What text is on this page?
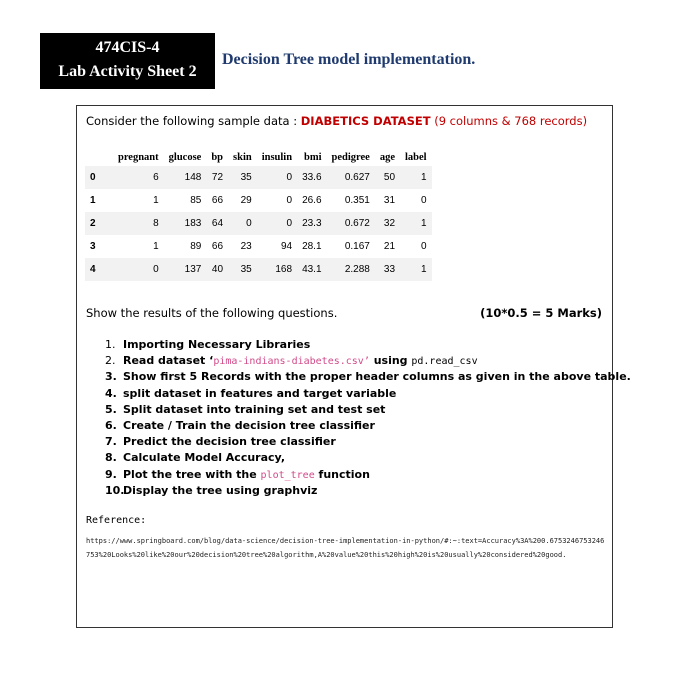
474CIS-4
Lab Activity Sheet 2
Decision Tree model implementation.
Consider the following sample data : DIABETICS DATASET (9 columns & 768 records)
	pregnant	glucose	bp	skin	insulin	bmi	pedigree	age	label
0	6	148	72	35	0	33.6	0.627	50	1
1	1	85	66	29	0	26.6	0.351	31	0
2	8	183	64	0	0	23.3	0.672	32	1
3	1	89	66	23	94	28.1	0.167	21	0
4	0	137	40	35	168	43.1	2.288	33	1
Show the results of the following questions.	(10*0.5 = 5 Marks)
1. Importing Necessary Libraries
2. Read dataset ‘pima-indians-diabetes.csv’ using pd.read_csv
3. Show first 5 Records with the proper header columns as given in the above table.
4. split dataset in features and target variable
5. Split dataset into training set and test set
6. Create / Train the decision tree classifier
7. Predict the decision tree classifier
8. Calculate Model Accuracy,
9. Plot the tree with the plot_tree function
10.Display the tree using graphviz
Reference:
https://www.springboard.com/blog/data-science/decision-tree-implementation-in-python/#:~:text=Accuracy%3A%200.6753246753246753%20Looks%20like%20our%20decision%20tree%20algorithm,A%20value%20this%20high%20is%20usually%20considered%20good.
